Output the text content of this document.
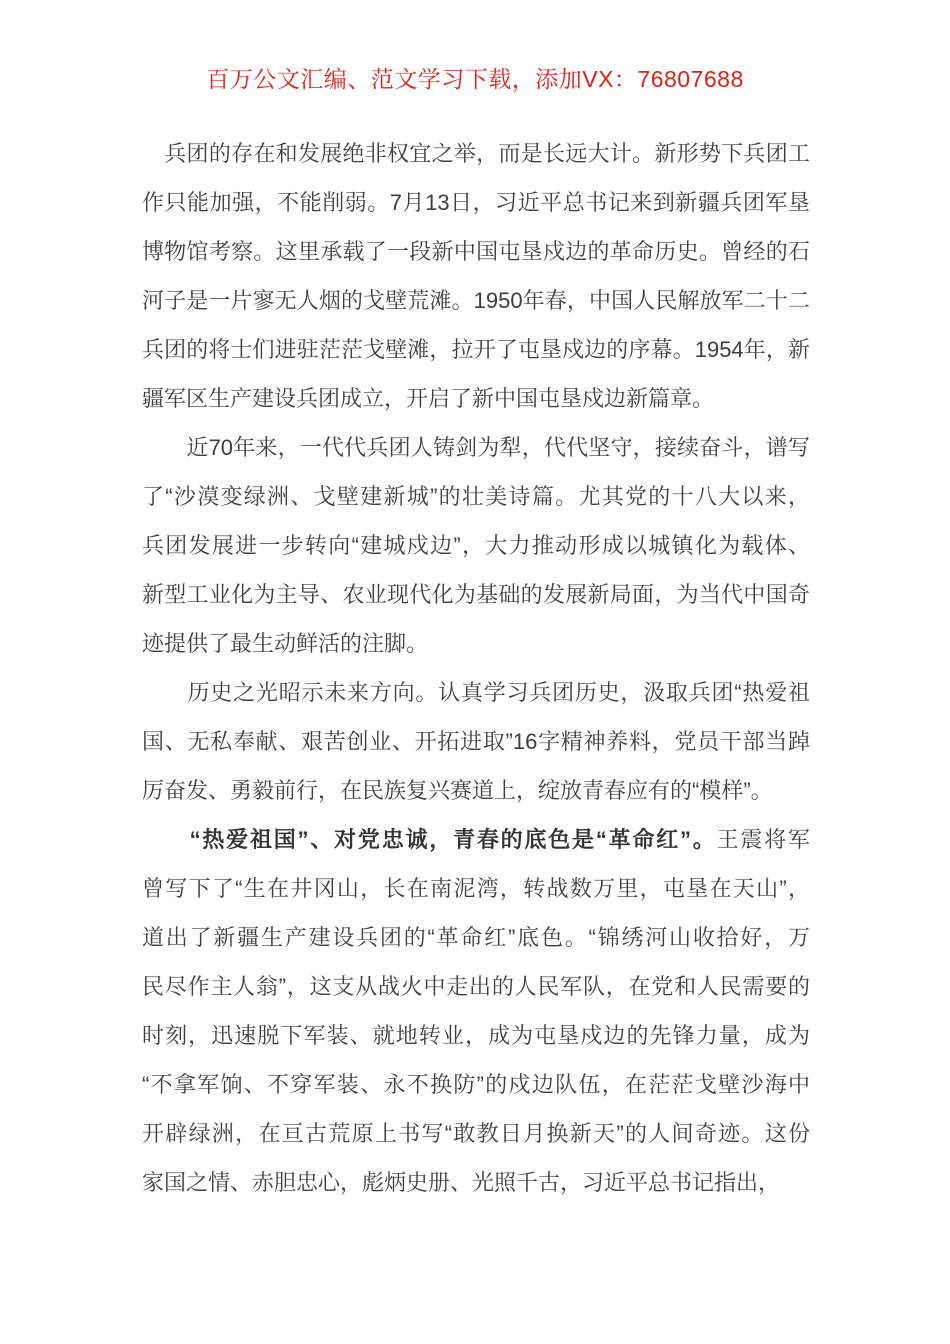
百万公文汇编、范文学习下载，添加VX：76807688
　兵团的存在和发展绝非权宜之举，而是长远大计。新形势下兵团工
作只能加强，不能削弱。7月13日，习近平总书记来到新疆兵团军垦
博物馆考察。这里承载了一段新中国屯垦戍边的革命历史。曾经的石
河子是一片寥无人烟的戈壁荒滩。1950年春，中国人民解放军二十二
兵团的将士们进驻茫茫戈壁滩，拉开了屯垦戍边的序幕。1954年，新
疆军区生产建设兵团成立，开启了新中国屯垦戍边新篇章。
　　近70年来，一代代兵团人铸剑为犁，代代坚守，接续奋斗，谱写
了“沙漠变绿洲、戈壁建新城”的壮美诗篇。尤其党的十八大以来，
兵团发展进一步转向“建城戍边”，大力推动形成以城镇化为载体、
新型工业化为主导、农业现代化为基础的发展新局面，为当代中国奇
迹提供了最生动鲜活的注脚。
　　历史之光昭示未来方向。认真学习兵团历史，汲取兵团“热爱祖
国、无私奉献、艰苦创业、开拓进取”16字精神养料，党员干部当踔
厉奋发、勇毅前行，在民族复兴赛道上，绽放青春应有的“模样”。
　　“热爱祖国”、对党忠诚，青春的底色是“革命红”。王震将军
曾写下了“生在井冈山，长在南泥湾，转战数万里，屯垦在天山”，
道出了新疆生产建设兵团的“革命红”底色。“锦绣河山收拾好，万
民尽作主人翁”，这支从战火中走出的人民军队，在党和人民需要的
时刻，迅速脱下军装、就地转业，成为屯垦戍边的先锋力量，成为
“不拿军饷、不穿军装、永不换防”的戍边队伍，在茫茫戈壁沙海中
开辟绿洲，在亘古荒原上书写“敢教日月换新天”的人间奇迹。这份
家国之情、赤胆忠心，彪炳史册、光照千古，习近平总书记指出，
